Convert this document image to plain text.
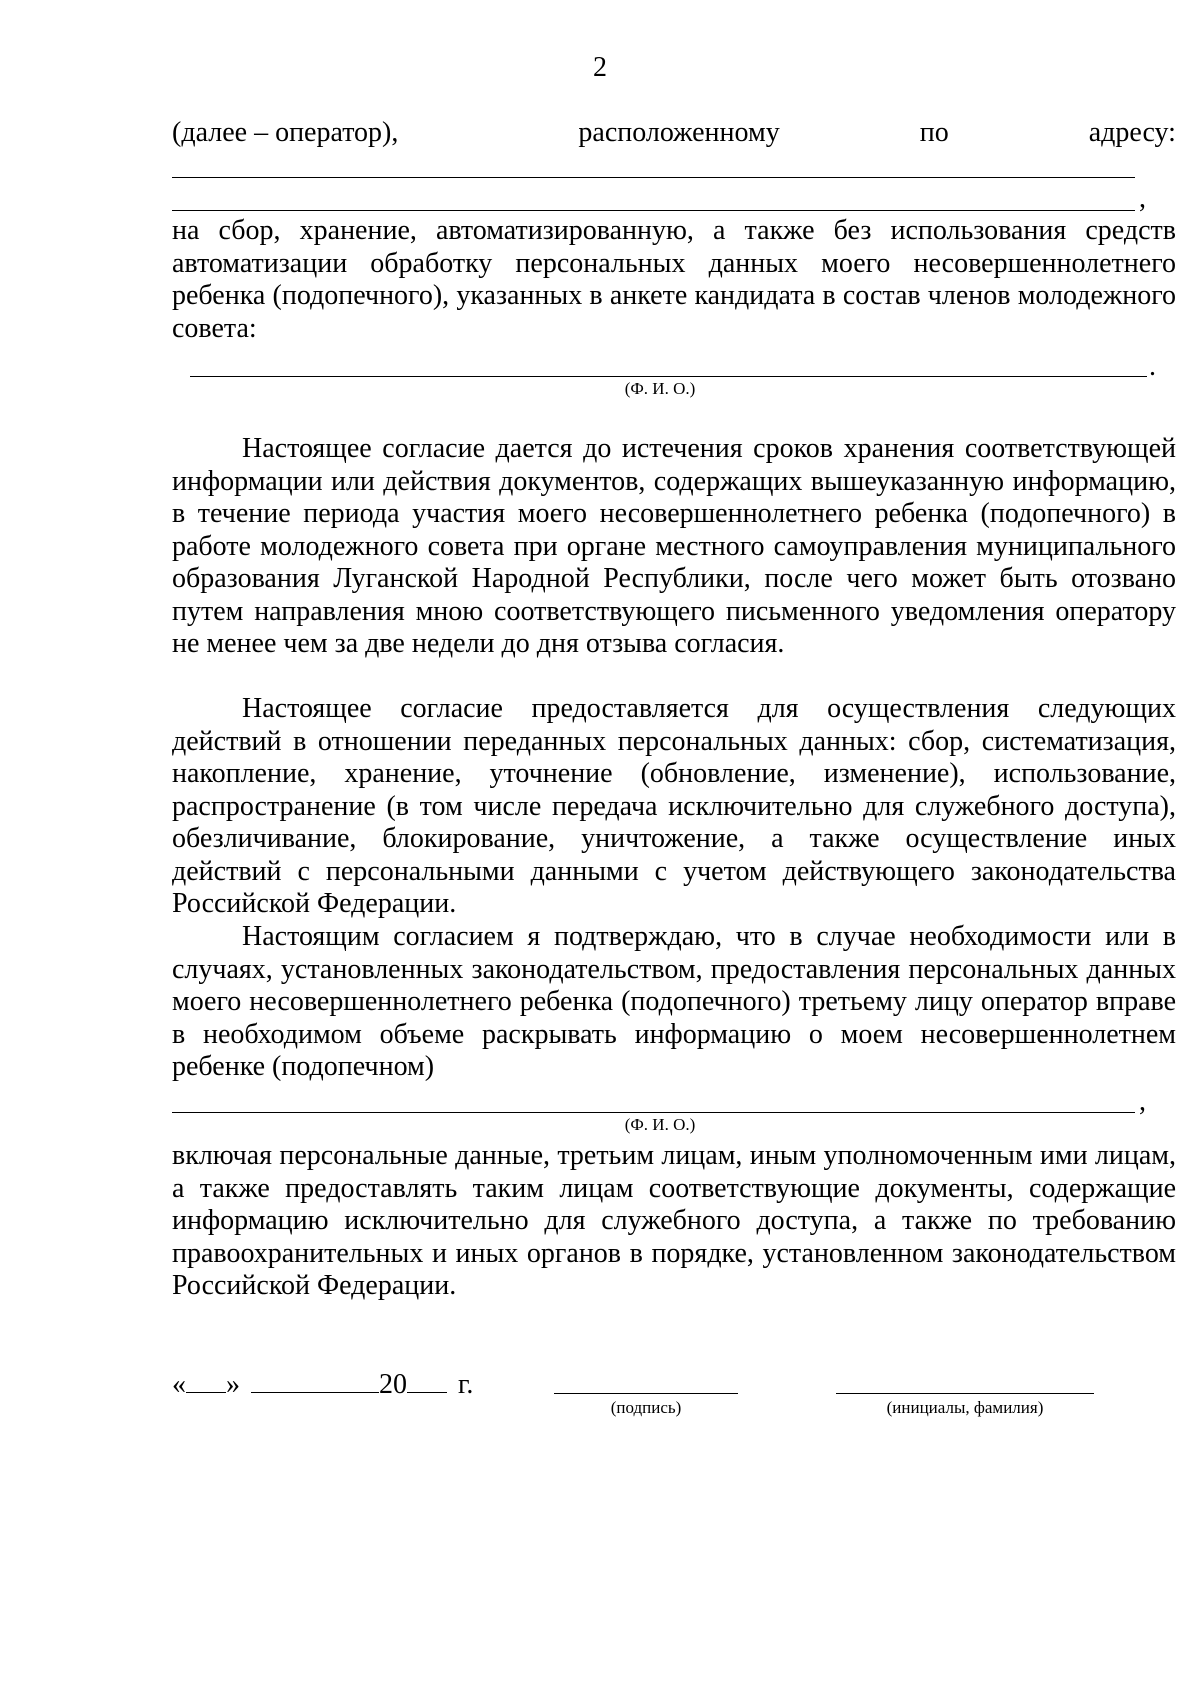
2
(далее – оператор),	расположенному	по	адресу:
,
на сбор, хранение, автоматизированную, а также без использования средств автоматизации обработку персональных данных моего несовершеннолетнего ребенка (подопечного), указанных в анкете кандидата в состав членов молодежного совета:
.
(Ф. И. О.)
Настоящее согласие дается до истечения сроков хранения соответствующей информации или действия документов, содержащих вышеуказанную информацию, в течение периода участия моего несовершеннолетнего ребенка (подопечного) в работе молодежного совета при органе местного самоуправления муниципального образования Луганской Народной Республики, после чего может быть отозвано путем направления мною соответствующего письменного уведомления оператору не менее чем за две недели до дня отзыва согласия.
Настоящее согласие предоставляется для осуществления следующих действий в отношении переданных персональных данных: сбор, систематизация, накопление, хранение, уточнение (обновление, изменение), использование, распространение (в том числе передача исключительно для служебного доступа), обезличивание, блокирование, уничтожение, а также осуществление иных действий с персональными данными с учетом действующего законодательства Российской Федерации.
Настоящим согласием я подтверждаю, что в случае необходимости или в случаях, установленных законодательством, предоставления персональных данных моего несовершеннолетнего ребенка (подопечного) третьему лицу оператор вправе в необходимом объеме раскрывать информацию о моем несовершеннолетнем ребенке (подопечном)
,
(Ф. И. О.)
включая персональные данные, третьим лицам, иным уполномоченным ими лицам, а также предоставлять таким лицам соответствующие документы, содержащие информацию исключительно для служебного доступа, а также по требованию правоохранительных и иных органов в порядке, установленном законодательством Российской Федерации.
« »	20 г.
(подпись)	(инициалы, фамилия)
